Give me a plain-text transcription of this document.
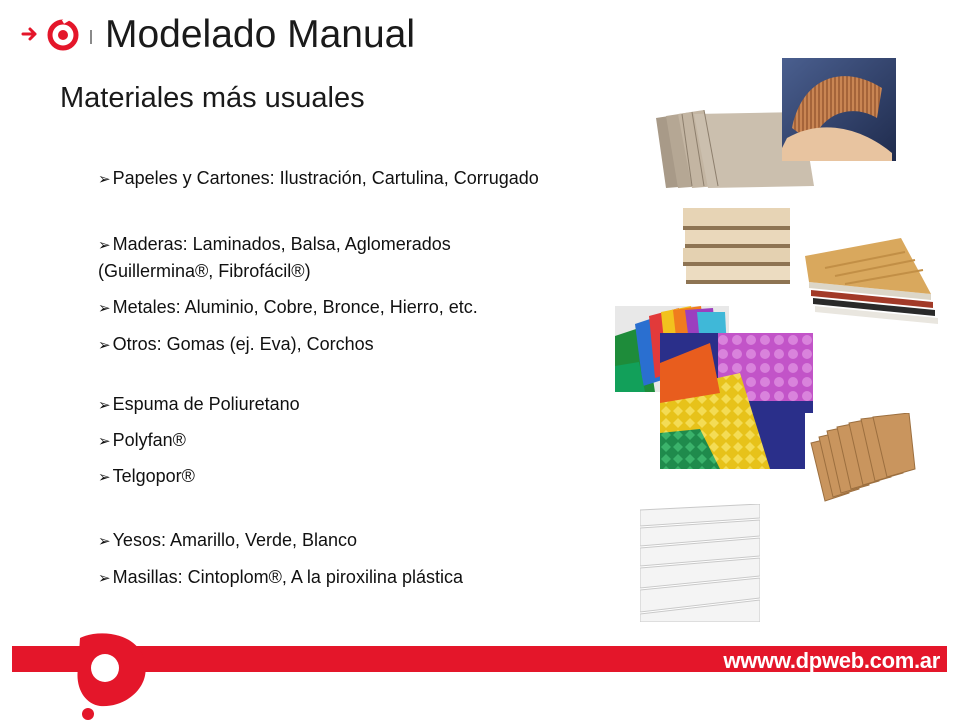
Modelado Manual
Materiales más usuales
➢ Papeles y Cartones: Ilustración, Cartulina, Corrugado
➢ Maderas: Laminados, Balsa, Aglomerados (Guillermina®, Fibrofácil®)
➢ Metales: Aluminio, Cobre, Bronce, Hierro, etc.
➢ Otros: Gomas (ej. Eva), Corchos
➢ Espuma de Poliuretano
➢ Polyfan®
➢ Telgopor®
➢ Yesos: Amarillo, Verde, Blanco
➢ Masillas: Cintoplom®, A la piroxilina plástica
wwww.dpweb.com.ar
